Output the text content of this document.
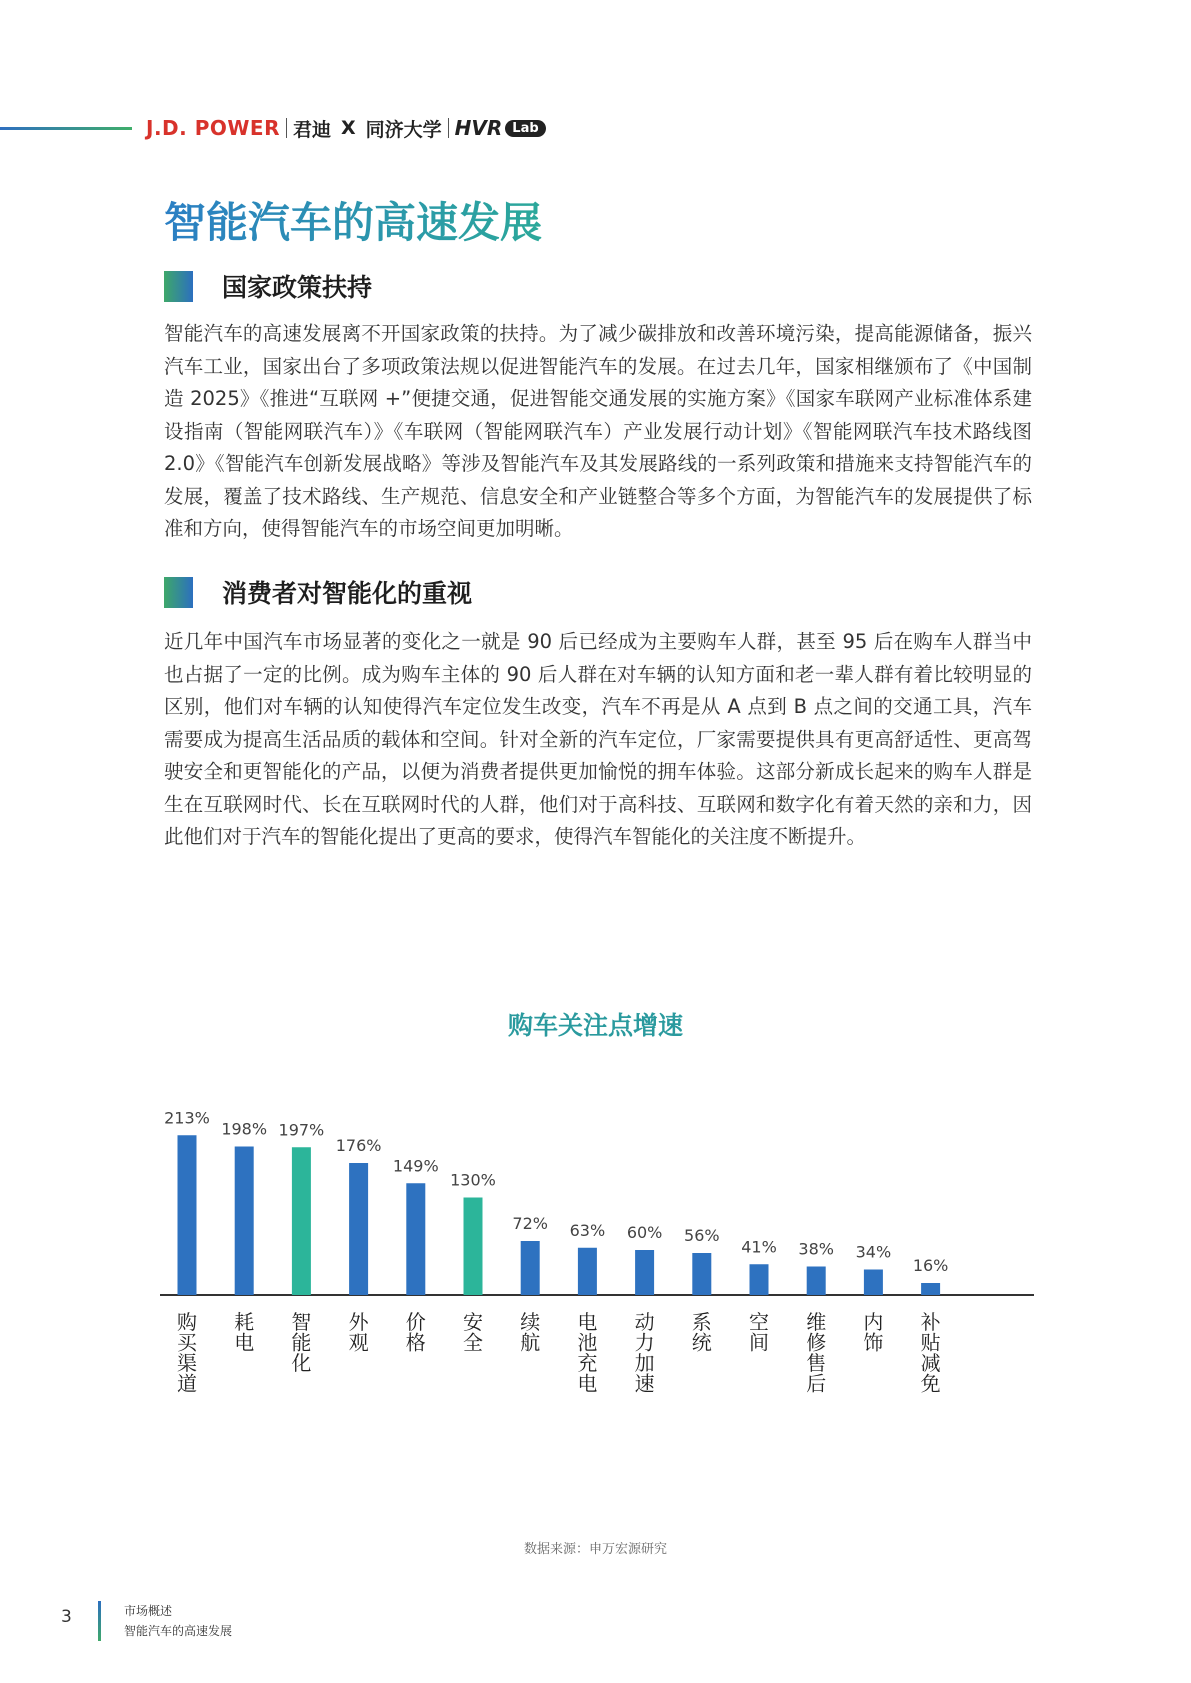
J.D. POWER 君迪 X 同济大学 HVR Lab
智能汽车的高速发展
国家政策扶持

智能汽车的高速发展离不开国家政策的扶持。为了减少碳排放和改善环境污染，提高能源储备，振兴汽车工业，国家出台了多项政策法规以促进智能汽车的发展。在过去几年，国家相继颁布了《中国制造 2025》《推进“互联网 +”便捷交通，促进智能交通发展的实施方案》《国家车联网产业标准体系建设指南（智能网联汽车）》《车联网（智能网联汽车）产业发展行动计划》《智能网联汽车技术路线图 2.0》《智能汽车创新发展战略》等涉及智能汽车及其发展路线的一系列政策和措施来支持智能汽车的发展，覆盖了技术路线、生产规范、信息安全和产业链整合等多个方面，为智能汽车的发展提供了标准和方向，使得智能汽车的市场空间更加明晰。

消费者对智能化的重视

近几年中国汽车市场显著的变化之一就是 90 后已经成为主要购车人群，甚至 95 后在购车人群当中也占据了一定的比例。成为购车主体的 90 后人群在对车辆的认知方面和老一辈人群有着比较明显的区别，他们对车辆的认知使得汽车定位发生改变，汽车不再是从 A 点到 B 点之间的交通工具，汽车需要成为提高生活品质的载体和空间。针对全新的汽车定位，厂家需要提供具有更高舒适性、更高驾驶安全和更智能化的产品，以便为消费者提供更加愉悦的拥车体验。这部分新成长起来的购车人群是生在互联网时代、长在互联网时代的人群，他们对于高科技、互联网和数字化有着天然的亲和力，因此他们对于汽车的智能化提出了更高的要求，使得汽车智能化的关注度不断提升。

购车关注点增速
213%
购买渠道
198%
耗电
197%
智能化
176%
外观
149%
价格
130%
安全
72%
续航
63%
电池充电
60%
动力加速
56%
系统
41%
空间
38%
维修售后
34%
内饰
16%
补贴减免
数据来源：申万宏源研究
3	市场概述
智能汽车的高速发展
